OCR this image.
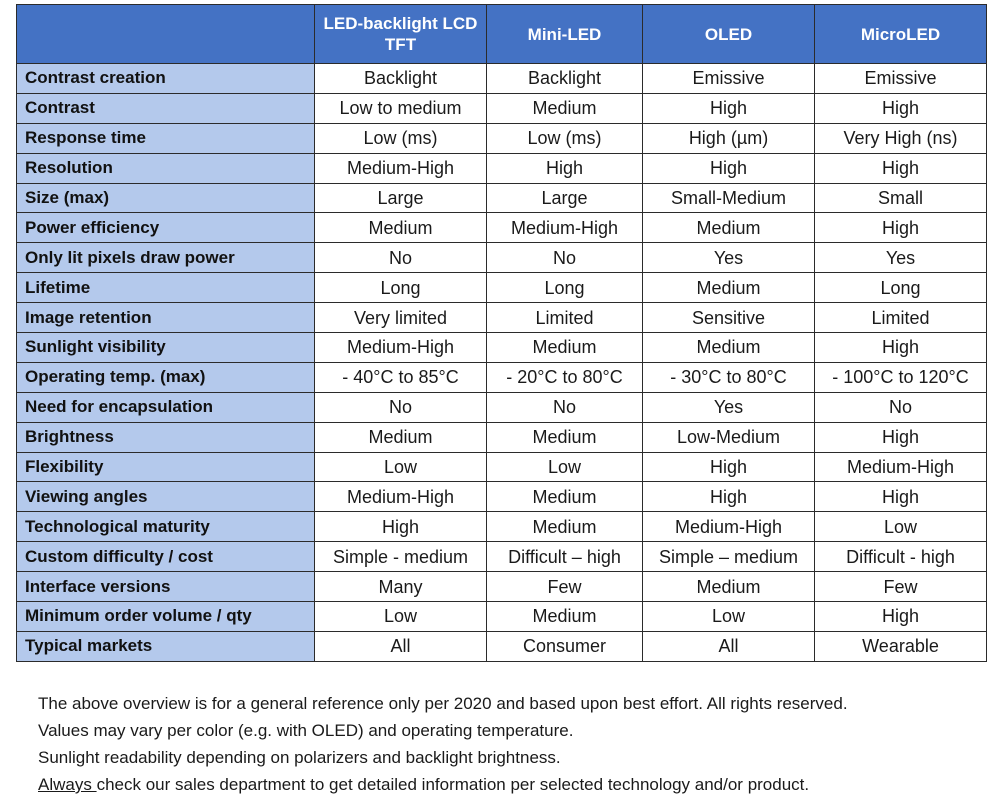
	LED-backlight LCD TFT	Mini-LED	OLED	MicroLED
Contrast creation	Backlight	Backlight	Emissive	Emissive
Contrast	Low to medium	Medium	High	High
Response time	Low (ms)	Low (ms)	High (µm)	Very High (ns)
Resolution	Medium-High	High	High	High
Size (max)	Large	Large	Small-Medium	Small
Power efficiency	Medium	Medium-High	Medium	High
Only lit pixels draw power	No	No	Yes	Yes
Lifetime	Long	Long	Medium	Long
Image retention	Very limited	Limited	Sensitive	Limited
Sunlight visibility	Medium-High	Medium	Medium	High
Operating temp. (max)	- 40°C to 85°C	- 20°C to 80°C	- 30°C to 80°C	- 100°C to 120°C
Need for encapsulation	No	No	Yes	No
Brightness	Medium	Medium	Low-Medium	High
Flexibility	Low	Low	High	Medium-High
Viewing angles	Medium-High	Medium	High	High
Technological maturity	High	Medium	Medium-High	Low
Custom difficulty / cost	Simple - medium	Difficult – high	Simple – medium	Difficult - high
Interface versions	Many	Few	Medium	Few
Minimum order volume / qty	Low	Medium	Low	High
Typical markets	All	Consumer	All	Wearable

The above overview is for a general reference only per 2020 and based upon best effort. All rights reserved.

Values may vary per color (e.g. with OLED) and operating temperature.

Sunlight readability depending on polarizers and backlight brightness.

Always check our sales department to get detailed information per selected technology and/or product.
